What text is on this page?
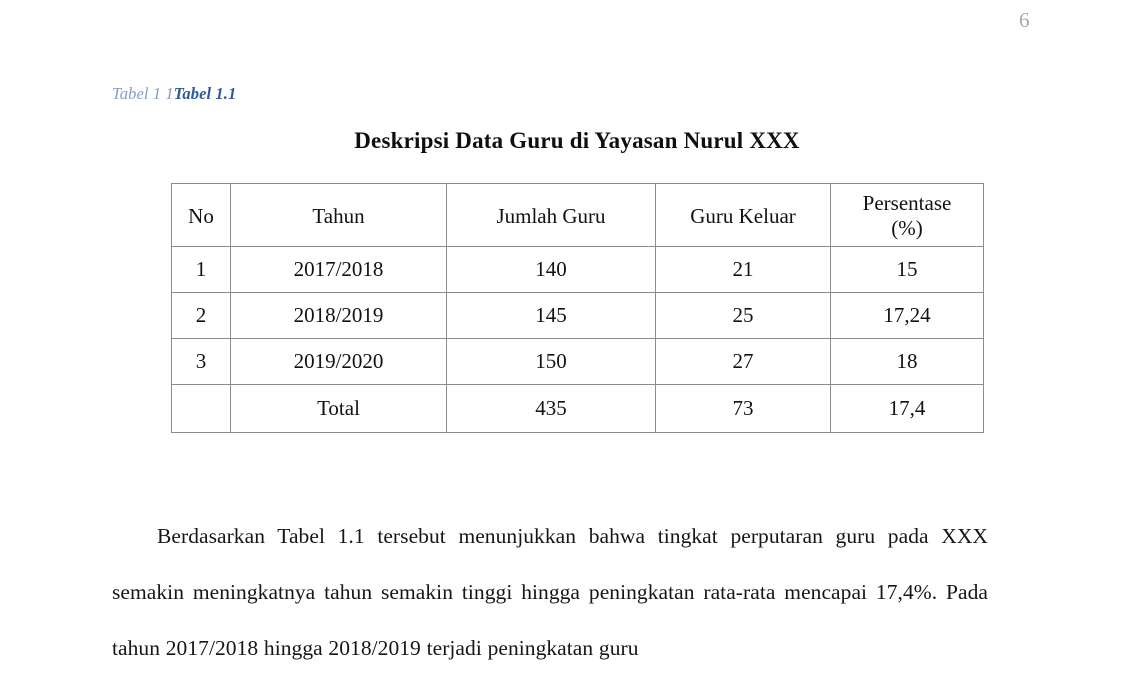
6
Tabel 1 1Tabel 1.1
Deskripsi Data Guru di Yayasan Nurul XXX
No	Tahun	Jumlah Guru	Guru Keluar	Persentase
(%)

1	2017/2018	140	21	15
2	2018/2019	145	25	17,24
3	2019/2020	150	27	18
	Total	435	73	17,4

Berdasarkan Tabel 1.1 tersebut menunjukkan bahwa tingkat perputaran guru pada XXX semakin meningkatnya tahun semakin tinggi hingga peningkatan rata-rata mencapai 17,4%. Pada tahun 2017/2018 hingga 2018/2019 terjadi peningkatan guru
